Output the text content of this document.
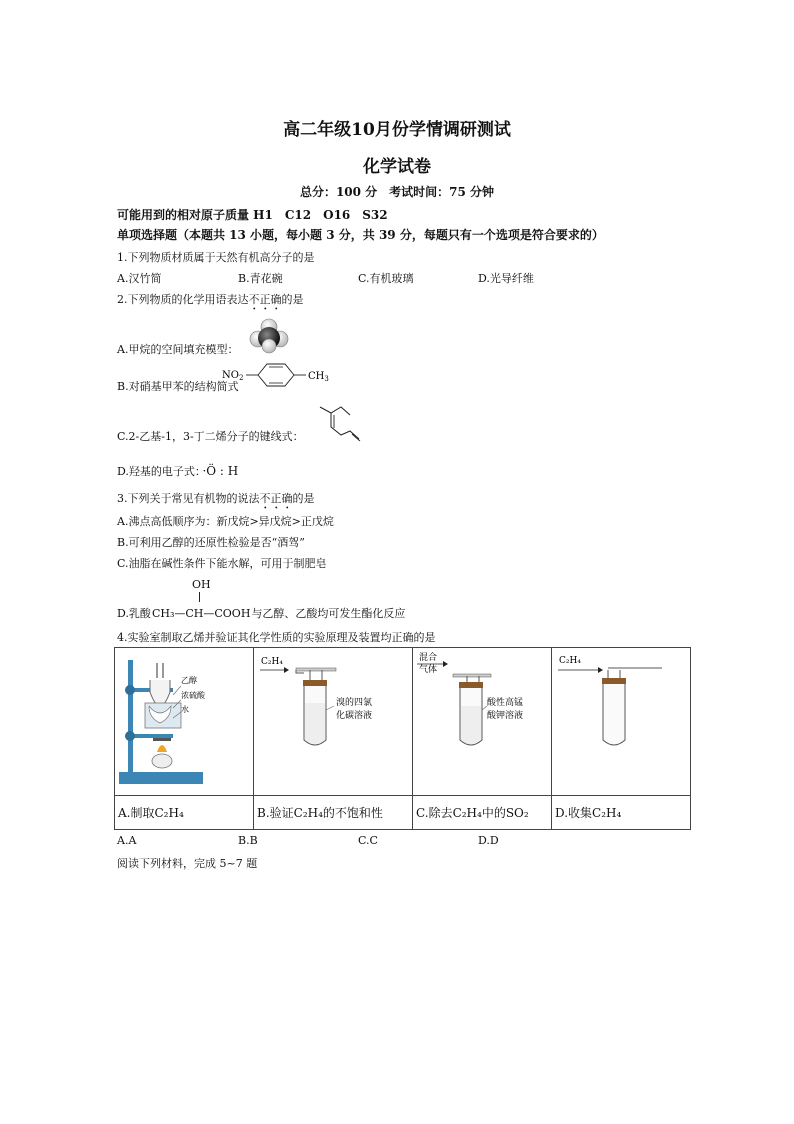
高二年级10月份学情调研测试
化学试卷
总分：100 分　考试时间：75 分钟
可能用到的相对原子质量 H1　C12　O16　S32
单项选择题（本题共 13 小题，每小题 3 分，共 39 分，每题只有一个选项是符合要求的）
1.下列物质材质属于天然有机高分子的是
A.汉竹简	B.青花碗	C.有机玻璃	D.光导纤维
2.下列物质的化学用语表达不正确的是
A.甲烷的空间填充模型：
B.对硝基甲苯的结构简式
$NO_2$	$CH_3$
C.2-乙基-1，3-丁二烯分子的键线式：
D.羟基的电子式： ·Ö : H
3.下列关于常见有机物的说法不正确的是
A.沸点高低顺序为：新戊烷>异戊烷>正戊烷
B.可利用乙醇的还原性检验是否“酒驾”
C.油脂在碱性条件下能水解，可用于制肥皂
OH
D.乳酸CH₃—CH—COOH与乙醇、乙酸均可发生酯化反应
4.实验室制取乙烯并验证其化学性质的实验原理及装置均正确的是
乙醇
浓硫酸
水	C₂H₄
溴的四氯
化碳溶液	混合
气体
酸性高锰
酸钾溶液	C₂H₄

A.制取C₂H₄	B.验证C₂H₄的不饱和性	C.除去C₂H₄中的SO₂	D.收集C₂H₄
A.A	B.B	C.C	D.D
阅读下列材料，完成 5~7 题
